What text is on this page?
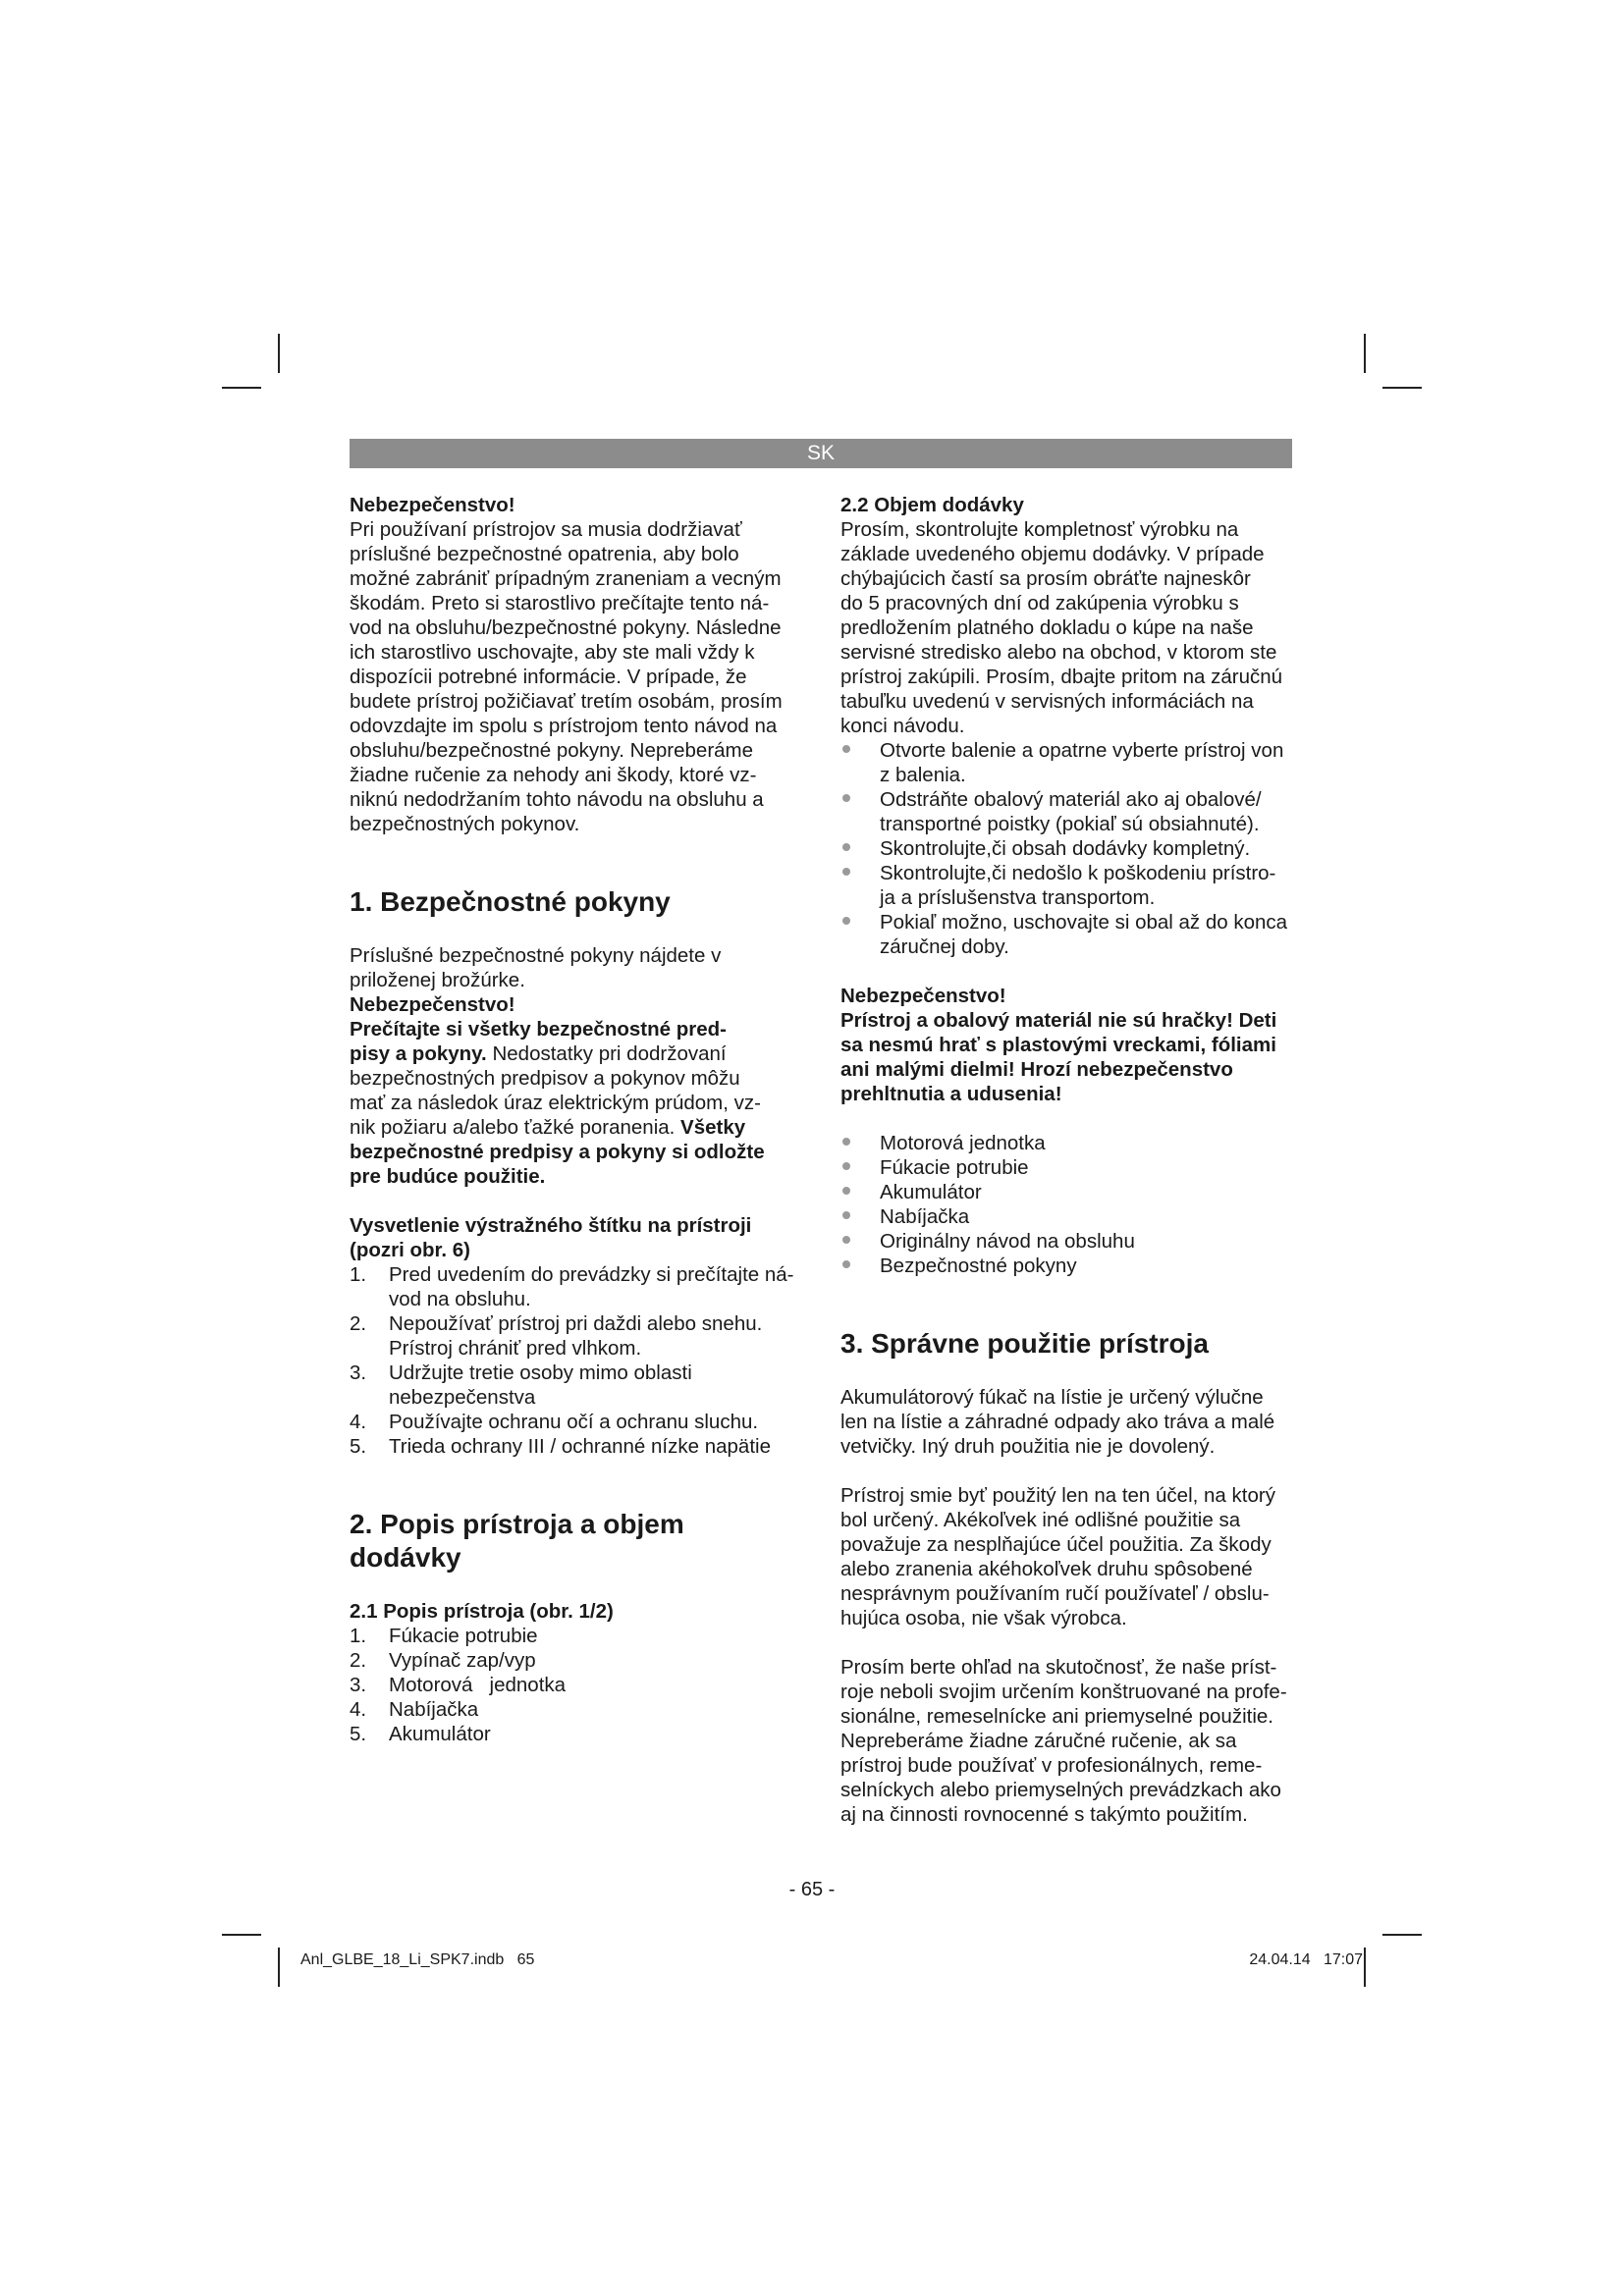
SK

Nebezpečenstvo!

Pri používaní prístrojov sa musia dodržiavať

príslušné bezpečnostné opatrenia, aby bolo

možné zabrániť prípadným zraneniam a vecným

škodám. Preto si starostlivo prečítajte tento ná-

vod na obsluhu/bezpečnostné pokyny. Následne

ich starostlivo uschovajte, aby ste mali vždy k

dispozícii potrebné informácie. V prípade, že

budete prístroj požičiavať tretím osobám, prosím

odovzdajte im spolu s prístrojom tento návod na

obsluhu/bezpečnostné pokyny. Nepreberáme

žiadne ručenie za nehody ani škody, ktoré vz-

niknú nedodržaním tohto návodu na obsluhu a

bezpečnostných pokynov.

1. Bezpečnostné pokyny

Príslušné bezpečnostné pokyny nájdete v

priloženej brožúrke.

Nebezpečenstvo!

Prečítajte si všetky bezpečnostné pred-

pisy a pokyny. Nedostatky pri dodržovaní

bezpečnostných predpisov a pokynov môžu

mať za následok úraz elektrickým prúdom, vz-

nik požiaru a/alebo ťažké poranenia. Všetky

bezpečnostné predpisy a pokyny si odložte

pre budúce použitie.

Vysvetlenie výstražného štítku na prístroji

(pozri obr. 6)

1. Pred uvedením do prevádzky si prečítajte ná-
vod na obsluhu.
2. Nepoužívať prístroj pri daždi alebo snehu.
Prístroj chrániť pred vlhkom.
3. Udržujte tretie osoby mimo oblasti
nebezpečenstva
4. Používajte ochranu očí a ochranu sluchu.
5. Trieda ochrany III / ochranné nízke napätie
2. Popis prístroja a objem dodávky

2.1 Popis prístroja (obr. 1/2)

1. Fúkacie potrubie
2. Vypínač zap/vyp
3. Motorová   jednotka
4. Nabíjačka
5. Akumulátor

2.2 Objem dodávky

Prosím, skontrolujte kompletnosť výrobku na

základe uvedeného objemu dodávky. V prípade

chýbajúcich častí sa prosím obráťte najneskôr

do 5 pracovných dní od zakúpenia výrobku s

predložením platného dokladu o kúpe na naše

servisné stredisko alebo na obchod, v ktorom ste

prístroj zakúpili. Prosím, dbajte pritom na záručnú

tabuľku uvedenú v servisných informáciách na

konci návodu.

Otvorte balenie a opatrne vyberte prístroj von
z balenia.
Odstráňte obalový materiál ako aj obalové/
transportné poistky (pokiaľ sú obsiahnuté).
Skontrolujte,či obsah dodávky kompletný.
Skontrolujte,či nedošlo k poškodeniu prístro-
ja a príslušenstva transportom.
Pokiaľ možno, uschovajte si obal až do konca
záručnej doby.

Nebezpečenstvo!

Prístroj a obalový materiál nie sú hračky! Deti

sa nesmú hrať s plastovými vreckami, fóliami

ani malými dielmi! Hrozí nebezpečenstvo

prehltnutia a udusenia!

Motorová jednotka
Fúkacie potrubie
Akumulátor
Nabíjačka
Originálny návod na obsluhu
Bezpečnostné pokyny
3. Správne použitie prístroja

Akumulátorový fúkač na lístie je určený výlučne

len na lístie a záhradné odpady ako tráva a malé

vetvičky. Iný druh použitia nie je dovolený.

Prístroj smie byť použitý len na ten účel, na ktorý

bol určený. Akékoľvek iné odlišné použitie sa

považuje za nesplňajúce účel použitia. Za škody

alebo zranenia akéhokoľvek druhu spôsobené

nesprávnym používaním ručí používateľ / obslu-

hujúca osoba, nie však výrobca.

Prosím berte ohľad na skutočnosť, že naše príst-

roje neboli svojim určením konštruované na profe-

sionálne, remeselnícke ani priemyselné použitie.

Nepreberáme žiadne záručné ručenie, ak sa

prístroj bude používať v profesionálnych, reme-

selníckych alebo priemyselných prevádzkach ako

aj na činnosti rovnocenné s takýmto použitím.

- 65 -
Anl_GLBE_18_Li_SPK7.indb   65	24.04.14   17:07
